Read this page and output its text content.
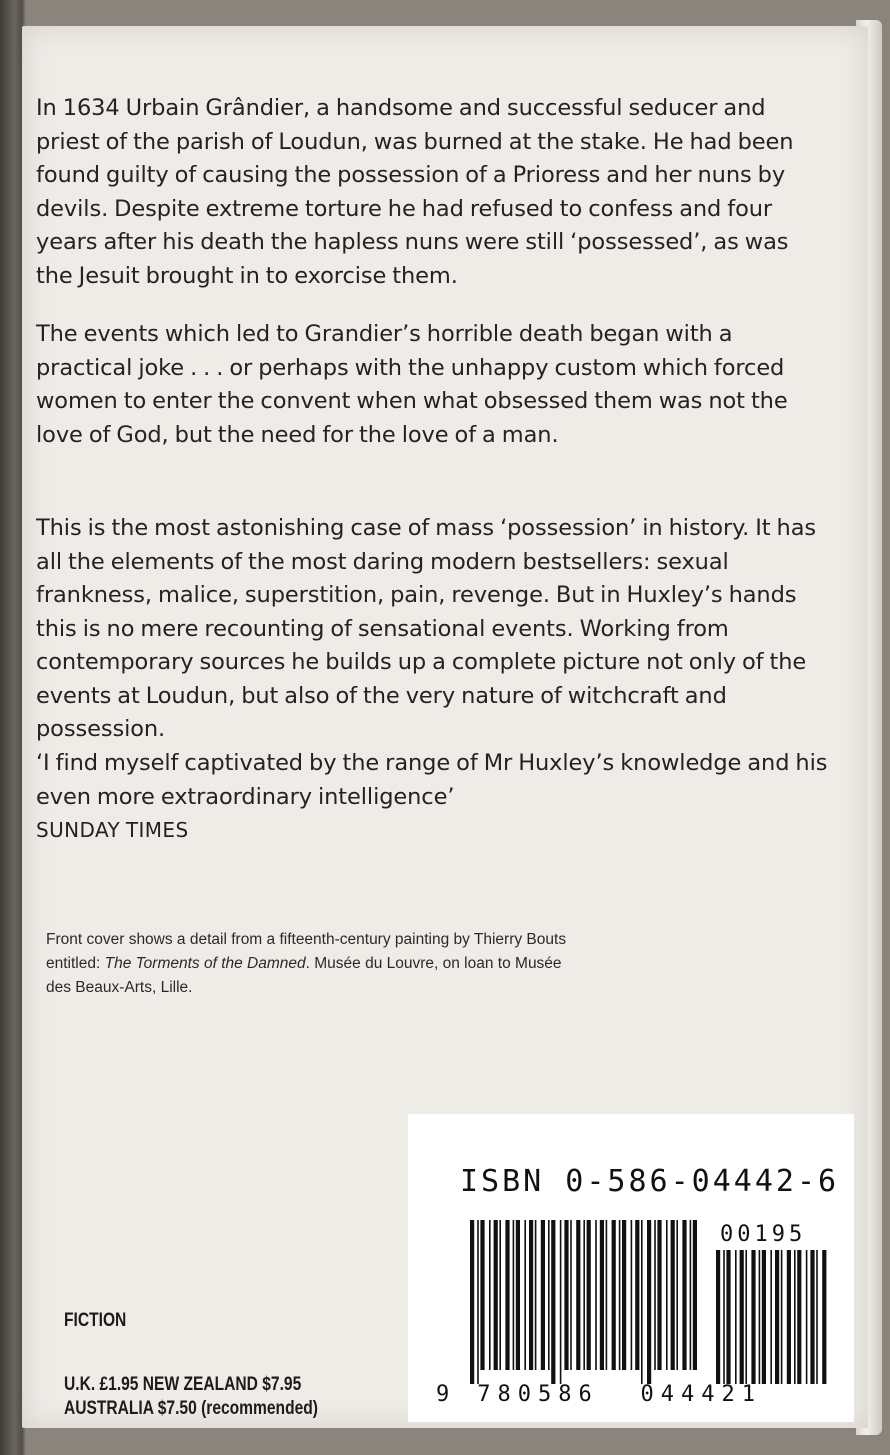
In 1634 Urbain Grândier, a handsome and successful seducer and priest of the parish of Loudun, was burned at the stake. He had been found guilty of causing the possession of a Prioress and her nuns by devils. Despite extreme torture he had refused to confess and four years after his death the hapless nuns were still ‘possessed’, as was the Jesuit brought in to exorcise them.

The events which led to Grandier’s horrible death began with a practical joke . . . or perhaps with the unhappy custom which forced women to enter the convent when what obsessed them was not the love of God, but the need for the love of a man.

This is the most astonishing case of mass ‘possession’ in history. It has all the elements of the most daring modern bestsellers: sexual frankness, malice, superstition, pain, revenge. But in Huxley’s hands this is no mere recounting of sensational events. Working from contemporary sources he builds up a complete picture not only of the events at Loudun, but also of the very nature of witchcraft and possession.

‘I find myself captivated by the range of Mr Huxley’s knowledge and his even more extraordinary intelligence’
SUNDAY TIMES

Front cover shows a detail from a fifteenth-century painting by Thierry Bouts entitled: The Torments of the Damned. Musée du Louvre, on loan to Musée des Beaux-Arts, Lille.

FICTION
U.K. £1.95 NEW ZEALAND $7.95
AUSTRALIA $7.50 (recommended)
ISBN 0-586-04442-6
00195
9 780586 044421
